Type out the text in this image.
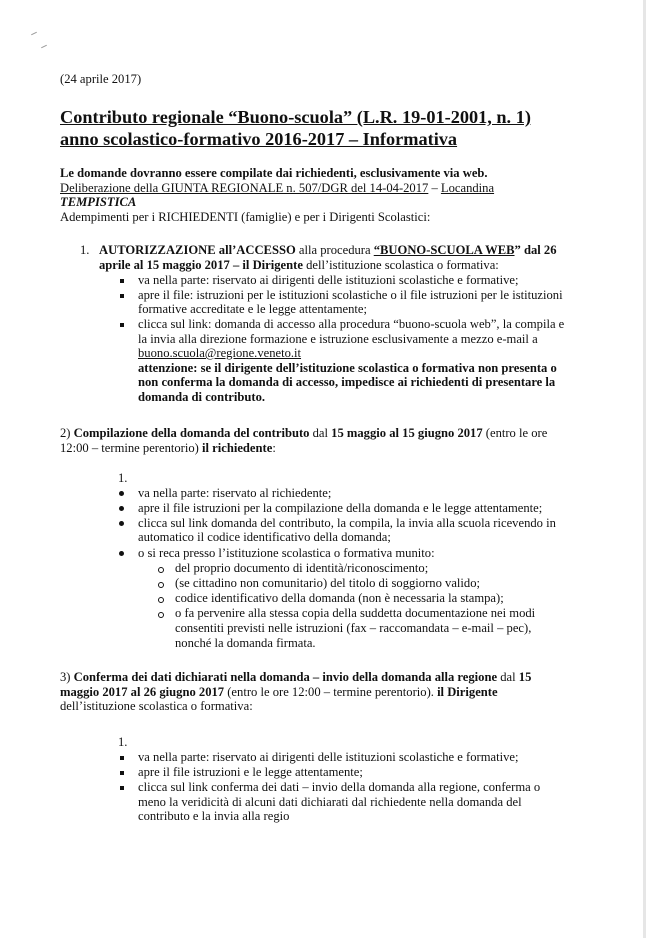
(24 aprile 2017)
Contributo regionale “Buono-scuola” (L.R. 19-01-2001, n. 1)
anno scolastico-formativo 2016-2017 – Informativa
Le domande dovranno essere compilate dai richiedenti, esclusivamente via web.
Deliberazione della GIUNTA REGIONALE n. 507/DGR del 14-04-2017 – Locandina
TEMPISTICA
Adempimenti per i RICHIEDENTI (famiglie) e per i Dirigenti Scolastici:
1. AUTORIZZAZIONE all’ACCESSO alla procedura “BUONO-SCUOLA WEB” dal 26
aprile al 15 maggio 2017 – il Dirigente dell’istituzione scolastica o formativa:
va nella parte: riservato ai dirigenti delle istituzioni scolastiche e formative;
apre il file: istruzioni per le istituzioni scolastiche o il file istruzioni per le istituzioni
formative accreditate e le legge attentamente;
clicca sul link: domanda di accesso alla procedura “buono-scuola web”, la compila e
la invia alla direzione formazione e istruzione esclusivamente a mezzo e-mail a
buono.scuola@regione.veneto.it
attenzione: se il dirigente dell’istituzione scolastica o formativa non presenta o
non conferma la domanda di accesso, impedisce ai richiedenti di presentare la
domanda di contributo.
2) Compilazione della domanda del contributo dal 15 maggio al 15 giugno 2017 (entro le ore
12:00 – termine perentorio) il richiedente:
1.
va nella parte: riservato al richiedente;
apre il file istruzioni per la compilazione della domanda e le legge attentamente;
clicca sul link domanda del contributo, la compila, la invia alla scuola ricevendo in
automatico il codice identificativo della domanda;
o si reca presso l’istituzione scolastica o formativa munito:
del proprio documento di identità/riconoscimento;
(se cittadino non comunitario) del titolo di soggiorno valido;
codice identificativo della domanda (non è necessaria la stampa);
o fa pervenire alla stessa copia della suddetta documentazione nei modi
consentiti previsti nelle istruzioni (fax – raccomandata – e-mail – pec),
nonché la domanda firmata.
3) Conferma dei dati dichiarati nella domanda – invio della domanda alla regione dal 15
maggio 2017 al 26 giugno 2017 (entro le ore 12:00 – termine perentorio). il Dirigente
dell’istituzione scolastica o formativa:
1.
va nella parte: riservato ai dirigenti delle istituzioni scolastiche e formative;
apre il file istruzioni e le legge attentamente;
clicca sul link conferma dei dati – invio della domanda alla regione, conferma o
meno la veridicità di alcuni dati dichiarati dal richiedente nella domanda del
contributo e la invia alla regio
